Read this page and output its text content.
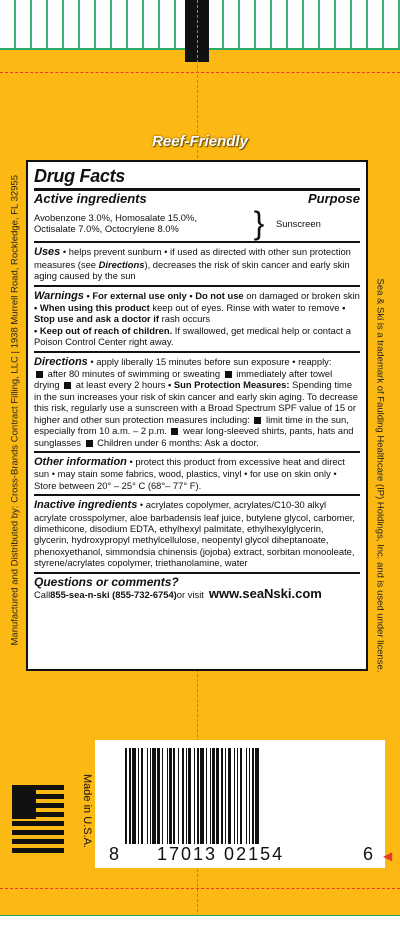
Manufactured and Distributed by: Cross-Brands Contract Filling, LLC | 1938 Murrell Road, Rockledge, FL 32955	Sea & Ski is a trademark of Faulding Healthcare (IP) Holdings, Inc. and is used under license.
Reef-Friendly
Drug Facts
Active ingredients	Purpose
Avobenzone 3.0%, Homosalate 15.0%,
Octisalate 7.0%, Octocrylene 8.0%	}	Sunscreen
Uses • helps prevent sunburn • if used as directed with other sun protection measures (see Directions), decreases the risk of skin cancer and early skin aging caused by the sun
Warnings • For external use only • Do not use on damaged or broken skin • When using this product keep out of eyes. Rinse with water to remove • Stop use and ask a doctor if rash occurs
• Keep out of reach of children. If swallowed, get medical help or contact a Poison Control Center right away.
Directions • apply liberally 15 minutes before sun exposure • reapply:
after 80 minutes of swimming or sweating  immediately after towel drying  at least every 2 hours • Sun Protection Measures: Spending time in the sun increases your risk of skin cancer and early skin aging. To decrease this risk, regularly use a sunscreen with a Broad Spectrum SPF value of 15 or higher and other sun protection measures including:  limit time in the sun, especially from 10 a.m. – 2 p.m.  wear long-sleeved shirts, pants, hats and sunglasses  Children under 6 months: Ask a doctor.
Other information • protect this product from excessive heat and direct sun • may stain some fabrics, wood, plastics, vinyl • for use on skin only • Store between 20° – 25° C (68°– 77° F).
Inactive ingredients • acrylates copolymer, acrylates/C10-30 alkyl acrylate crosspolymer, aloe barbadensis leaf juice, butylene glycol, carbomer, dimethicone, disodium EDTA, ethylhexyl palmitate, ethylhexylglycerin, glycerin, hydroxypropyl methylcellulose, neopentyl glycol diheptanoate, phenoxyethanol, simmondsia chinensis (jojoba) extract, sorbitan monooleate, styrene/acrylates copolymer, triethanolamine, water
Questions or comments?
Call 855-sea-n-ski (855-732-6754) or visit www.seaNski.com
Made in U.S.A.
8 17013 02154	6 ◀
